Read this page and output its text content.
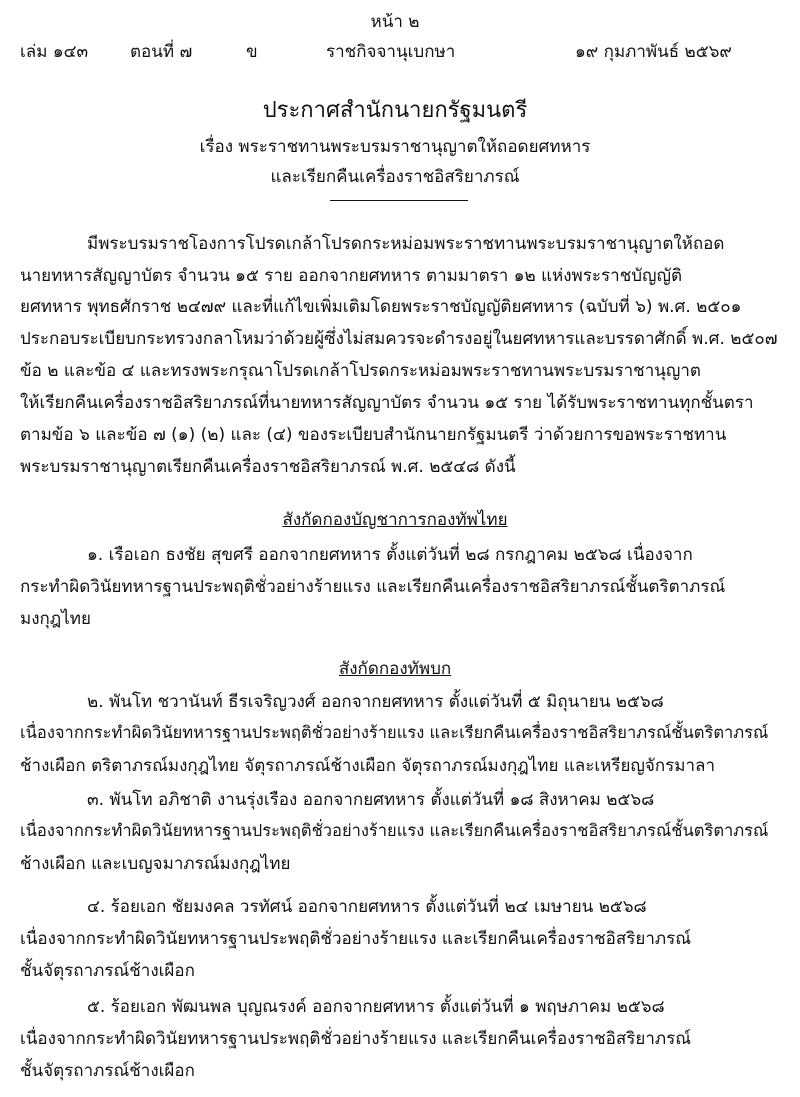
หน้า ๒
เล่ม ๑๔๓ ตอนที่ ๗	ข	ราชกิจจานุเบกษา	๑๙ กุมภาพันธ์ ๒๕๖๙
ประกาศสำนักนายกรัฐมนตรี
เรื่อง พระราชทานพระบรมราชานุญาตให้ถอดยศทหาร
และเรียกคืนเครื่องราชอิสริยาภรณ์
มีพระบรมราชโองการโปรดเกล้าโปรดกระหม่อมพระราชทานพระบรมราชานุญาตให้ถอด
นายทหารสัญญาบัตร จำนวน ๑๕ ราย ออกจากยศทหาร ตามมาตรา ๑๒ แห่งพระราชบัญญัติ
ยศทหาร พุทธศักราช ๒๔๗๙ และที่แก้ไขเพิ่มเติมโดยพระราชบัญญัติยศทหาร (ฉบับที่ ๖) พ.ศ. ๒๕๐๑
ประกอบระเบียบกระทรวงกลาโหมว่าด้วยผู้ซึ่งไม่สมควรจะดำรงอยู่ในยศทหารและบรรดาศักดิ์ พ.ศ. ๒๕๐๗
ข้อ ๒ และข้อ ๔ และทรงพระกรุณาโปรดเกล้าโปรดกระหม่อมพระราชทานพระบรมราชานุญาต
ให้เรียกคืนเครื่องราชอิสริยาภรณ์ที่นายทหารสัญญาบัตร จำนวน ๑๕ ราย ได้รับพระราชทานทุกชั้นตรา
ตามข้อ ๖ และข้อ ๗ (๑) (๒) และ (๔) ของระเบียบสำนักนายกรัฐมนตรี ว่าด้วยการขอพระราชทาน
พระบรมราชานุญาตเรียกคืนเครื่องราชอิสริยาภรณ์ พ.ศ. ๒๕๔๘ ดังนี้
สังกัดกองบัญชาการกองทัพไทย
๑. เรือเอก ธงชัย สุขศรี ออกจากยศทหาร ตั้งแต่วันที่ ๒๘ กรกฎาคม ๒๕๖๘ เนื่องจาก
กระทำผิดวินัยทหารฐานประพฤติชั่วอย่างร้ายแรง และเรียกคืนเครื่องราชอิสริยาภรณ์ชั้นตริตาภรณ์
มงกุฎไทย
สังกัดกองทัพบก
๒. พันโท ชวานันท์ ธีรเจริญวงศ์ ออกจากยศทหาร ตั้งแต่วันที่ ๕ มิถุนายน ๒๕๖๘
เนื่องจากกระทำผิดวินัยทหารฐานประพฤติชั่วอย่างร้ายแรง และเรียกคืนเครื่องราชอิสริยาภรณ์ชั้นตริตาภรณ์
ช้างเผือก ตริตาภรณ์มงกุฎไทย จัตุรถาภรณ์ช้างเผือก จัตุรถาภรณ์มงกุฎไทย และเหรียญจักรมาลา
๓. พันโท อภิชาติ งานรุ่งเรือง ออกจากยศทหาร ตั้งแต่วันที่ ๑๘ สิงหาคม ๒๕๖๘
เนื่องจากกระทำผิดวินัยทหารฐานประพฤติชั่วอย่างร้ายแรง และเรียกคืนเครื่องราชอิสริยาภรณ์ชั้นตริตาภรณ์
ช้างเผือก และเบญจมาภรณ์มงกุฎไทย
๔. ร้อยเอก ชัยมงคล วรทัศน์ ออกจากยศทหาร ตั้งแต่วันที่ ๒๔ เมษายน ๒๕๖๘
เนื่องจากกระทำผิดวินัยทหารฐานประพฤติชั่วอย่างร้ายแรง และเรียกคืนเครื่องราชอิสริยาภรณ์
ชั้นจัตุรถาภรณ์ช้างเผือก
๕. ร้อยเอก พัฒนพล บุญณรงค์ ออกจากยศทหาร ตั้งแต่วันที่ ๑ พฤษภาคม ๒๕๖๘
เนื่องจากกระทำผิดวินัยทหารฐานประพฤติชั่วอย่างร้ายแรง และเรียกคืนเครื่องราชอิสริยาภรณ์
ชั้นจัตุรถาภรณ์ช้างเผือก
